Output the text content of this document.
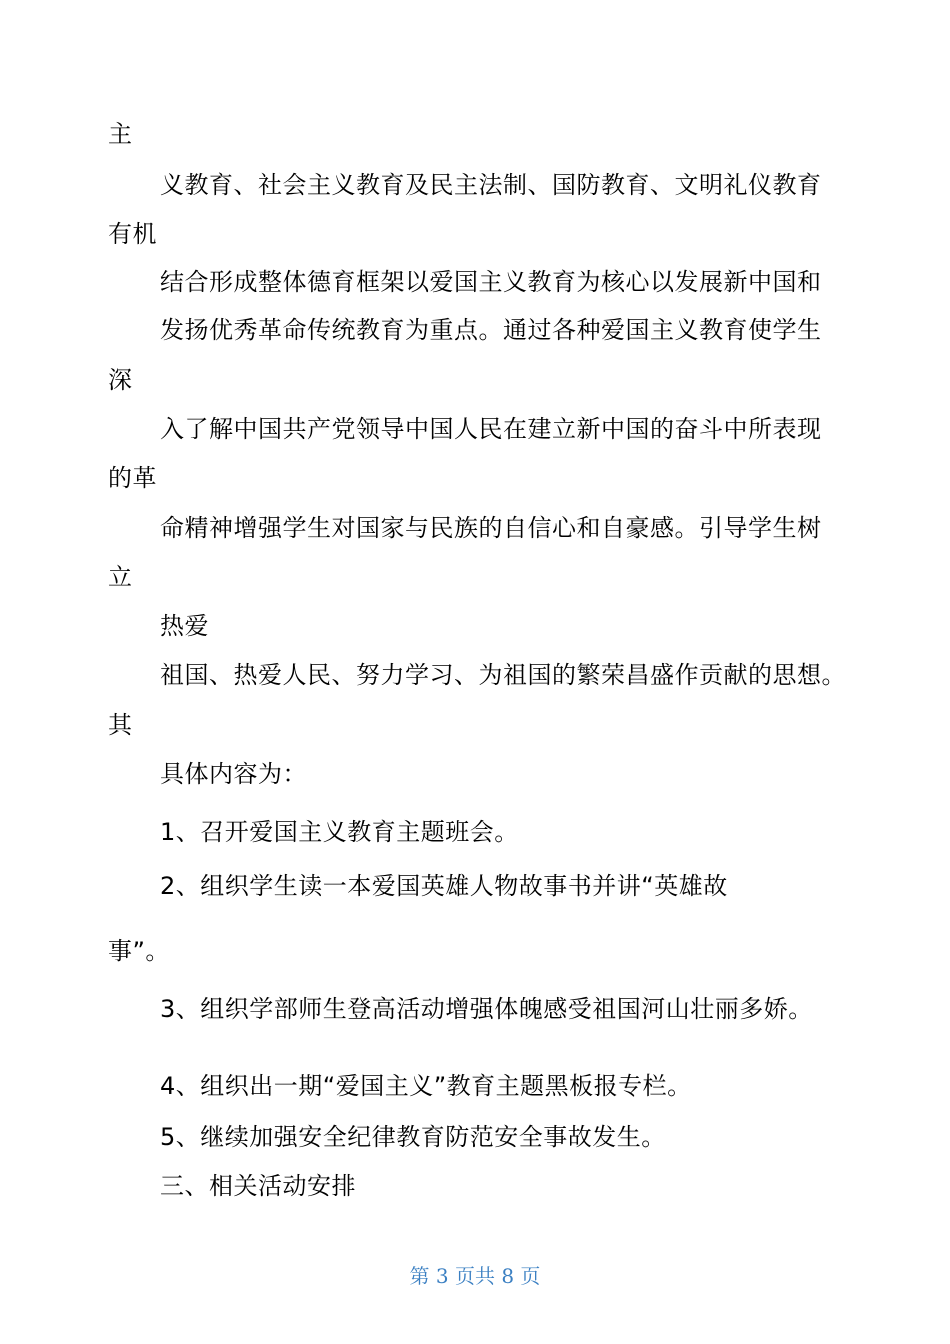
主
义教育、社会主义教育及民主法制、国防教育、文明礼仪教育
有机
结合形成整体德育框架以爱国主义教育为核心以发展新中国和
发扬优秀革命传统教育为重点。通过各种爱国主义教育使学生
深
入了解中国共产党领导中国人民在建立新中国的奋斗中所表现
的革
命精神增强学生对国家与民族的自信心和自豪感。引导学生树
立
热爱
祖国、热爱人民、努力学习、为祖国的繁荣昌盛作贡献的思想。
其
具体内容为：
1、召开爱国主义教育主题班会。
2、组织学生读一本爱国英雄人物故事书并讲“英雄故
事”。
3、组织学部师生登高活动增强体魄感受祖国河山壮丽多娇。
4、组织出一期“爱国主义”教育主题黑板报专栏。
5、继续加强安全纪律教育防范安全事故发生。
三、相关活动安排
第 3 页共 8 页
